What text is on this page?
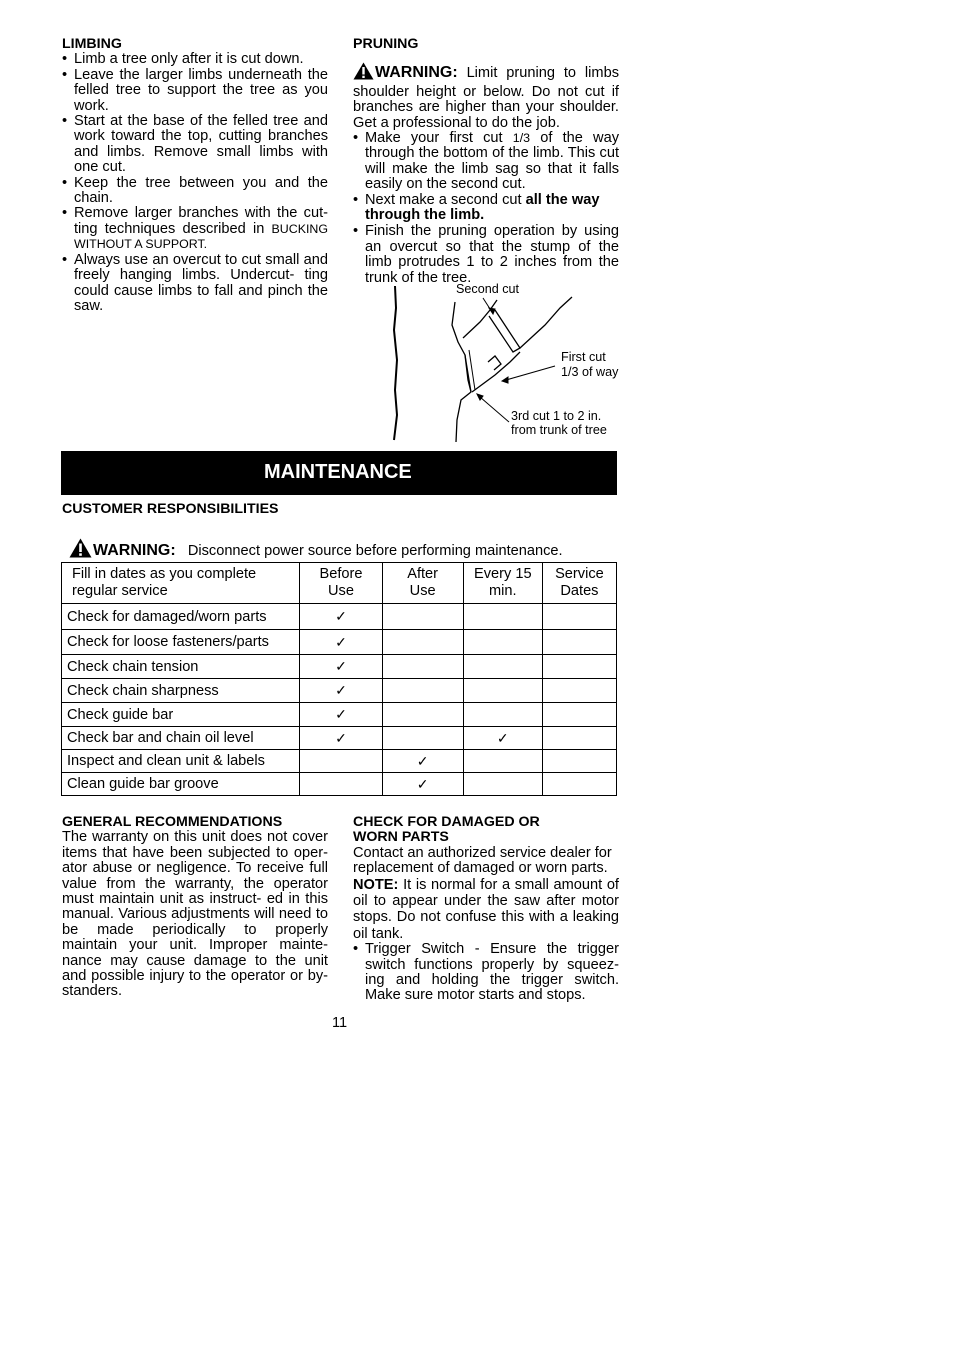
LIMBING

• Limb a tree only after it is cut down.
• Leave the larger limbs underneath the felled tree to support the tree as you work.
• Start at the base of the felled tree and work toward the top, cutting branches and limbs. Remove small limbs with one cut.
• Keep the tree between you and the chain.
• Remove larger branches with the cut- ting techniques described in BUCKING WITHOUT A SUPPORT.
• Always use an overcut to cut small and freely hanging limbs. Undercut- ting could cause limbs to fall and pinch the saw.

PRUNING

WARNING: Limit pruning to limbs shoulder height or below. Do not cut if branches are higher than your shoulder. Get a professional to do the job.

• Make your first cut 1/3 of the way through the bottom of the limb. This cut will make the limb sag so that it falls easily on the second cut.
• Next make a second cut all the way through the limb.
• Finish the pruning operation by using an overcut so that the stump of the limb protrudes 1 to 2 inches from the trunk of the tree.
Second cut
First cut
1/3 of way
3rd cut 1 to 2 in.
from trunk of tree
MAINTENANCE

CUSTOMER RESPONSIBILITIES

WARNING: Disconnect power source before performing maintenance.
Fill in dates as you complete regular service	Before Use	After Use	Every 15 min.	Service Dates
Check for damaged/worn parts	✓			
Check for loose fasteners/parts	✓			
Check chain tension	✓			
Check chain sharpness	✓			
Check guide bar	✓			
Check bar and chain oil level	✓		✓	
Inspect and clean unit & labels		✓		
Clean guide bar groove		✓		

GENERAL RECOMMENDATIONS

The warranty on this unit does not cover items that have been subjected to oper- ator abuse or negligence. To receive full value from the warranty, the operator must maintain unit as instruct- ed in this manual. Various adjustments will need to be made periodically to properly maintain your unit. Improper mainte- nance may cause damage to the unit and possible injury to the operator or by- standers.

CHECK FOR DAMAGED OR

WORN PARTS

Contact an authorized service dealer for replacement of damaged or worn parts.

NOTE: It is normal for a small amount of oil to appear under the saw after motor stops. Do not confuse this with a leaking oil tank.

• Trigger Switch - Ensure the trigger switch functions properly by squeez- ing and holding the trigger switch. Make sure motor starts and stops.
11
